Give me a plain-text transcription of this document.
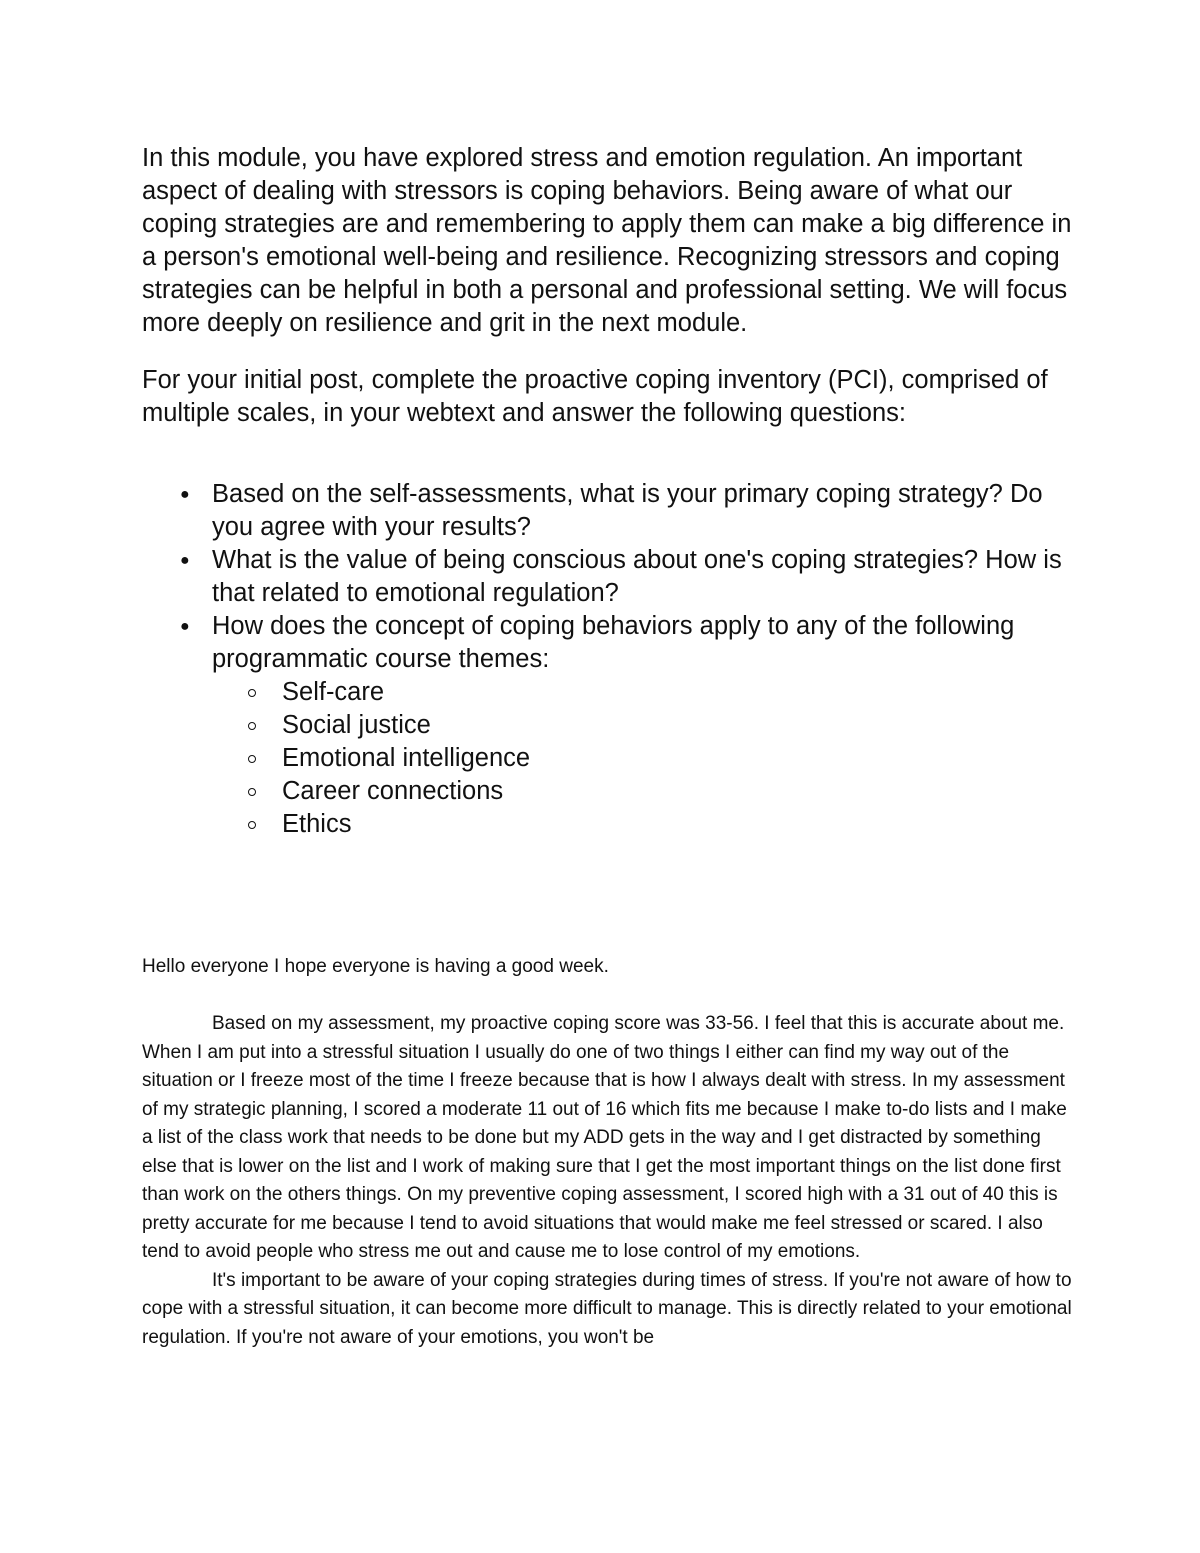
In this module, you have explored stress and emotion regulation. An important aspect of dealing with stressors is coping behaviors. Being aware of what our coping strategies are and remembering to apply them can make a big difference in a person's emotional well-being and resilience. Recognizing stressors and coping strategies can be helpful in both a personal and professional setting. We will focus more deeply on resilience and grit in the next module.

For your initial post, complete the proactive coping inventory (PCI), comprised of multiple scales, in your webtext and answer the following questions:

● Based on the self-assessments, what is your primary coping strategy? Do you agree with your results?
● What is the value of being conscious about one's coping strategies? How is that related to emotional regulation?
● How does the concept of coping behaviors apply to any of the following programmatic course themes:
Self-care
Social justice
Emotional intelligence
Career connections
Ethics

Hello everyone I hope everyone is having a good week.

Based on my assessment, my proactive coping score was 33-56. I feel that this is accurate about me. When I am put into a stressful situation I usually do one of two things I either can find my way out of the situation or I freeze most of the time I freeze because that is how I always dealt with stress. In my assessment of my strategic planning, I scored a moderate 11 out of 16 which fits me because I make to-do lists and I make a list of the class work that needs to be done but my ADD gets in the way and I get distracted by something else that is lower on the list and I work of making sure that I get the most important things on the list done first than work on the others things. On my preventive coping assessment, I scored high with a 31 out of 40 this is pretty accurate for me because I tend to avoid situations that would make me feel stressed or scared. I also tend to avoid people who stress me out and cause me to lose control of my emotions.

It's important to be aware of your coping strategies during times of stress. If you're not aware of how to cope with a stressful situation, it can become more difficult to manage. This is directly related to your emotional regulation. If you're not aware of your emotions, you won't be
